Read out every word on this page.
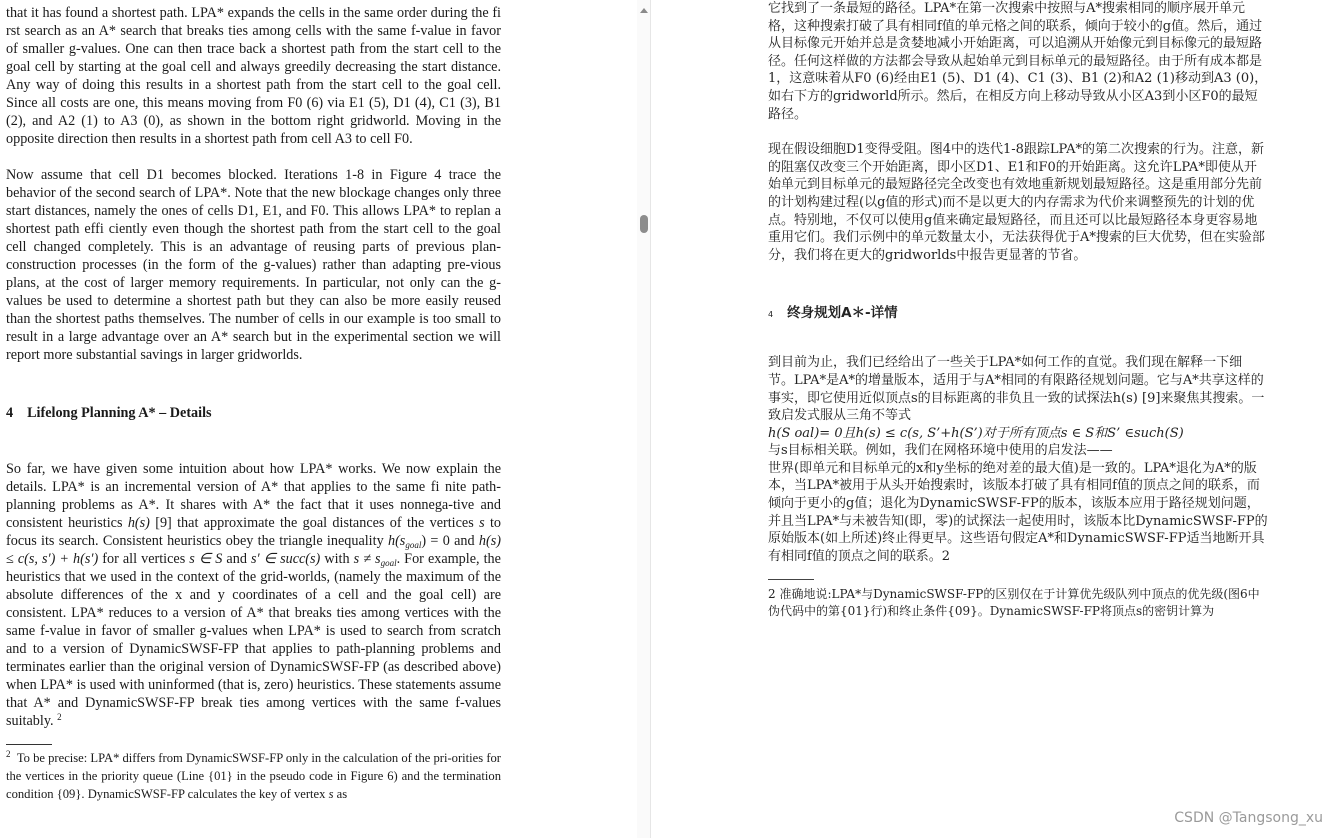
that it has found a shortest path. LPA* expands the cells in the same order during the fi rst search as an A* search that breaks ties among cells with the same f-value in favor of smaller g-values. One can then trace back a shortest path from the start cell to the goal cell by starting at the goal cell and always greedily decreasing the start distance. Any way of doing this results in a shortest path from the start cell to the goal cell. Since all costs are one, this means moving from F0 (6) via E1 (5), D1 (4), C1 (3), B1 (2), and A2 (1) to A3 (0), as shown in the bottom right gridworld. Moving in the opposite direction then results in a shortest path from cell A3 to cell F0.

Now assume that cell D1 becomes blocked. Iterations 1-8 in Figure 4 trace the behavior of the second search of LPA*. Note that the new blockage changes only three start distances, namely the ones of cells D1, E1, and F0. This allows LPA* to replan a shortest path effi ciently even though the shortest path from the start cell to the goal cell changed completely. This is an advantage of reusing parts of previous plan-construction processes (in the form of the g-values) rather than adapting pre-vious plans, at the cost of larger memory requirements. In particular, not only can the g-values be used to determine a shortest path but they can also be more easily reused than the shortest paths themselves. The number of cells in our example is too small to result in a large advantage over an A* search but in the experimental section we will report more substantial savings in larger gridworlds.

4 Lifelong Planning A* – Details

So far, we have given some intuition about how LPA* works. We now explain the details. LPA* is an incremental version of A* that applies to the same fi nite path-planning problems as A*. It shares with A* the fact that it uses nonnega-tive and consistent heuristics h(s) [9] that approximate the goal distances of the vertices s to focus its search. Consistent heuristics obey the triangle inequality $h(s_{goal}) = 0$ and h(s) ≤ c(s, s′) + h(s′) for all vertices s ∈ S and s′ ∈ succ(s) with $s \ne s_{goal}$. For example, the heuristics that we used in the context of the grid-worlds, (namely the maximum of the absolute differences of the x and y coordinates of a cell and the goal cell) are consistent. LPA* reduces to a version of A* that breaks ties among vertices with the same f-value in favor of smaller g-values when LPA* is used to search from scratch and to a version of DynamicSWSF-FP that applies to path-planning problems and terminates earlier than the original version of DynamicSWSF-FP (as described above) when LPA* is used with uninformed (that is, zero) heuristics. These statements assume that A* and DynamicSWSF-FP break ties among vertices with the same f-values suitably. $^2$

$^2$ To be precise: LPA* differs from DynamicSWSF-FP only in the calculation of the pri-orities for the vertices in the priority queue (Line {01} in the pseudo code in Figure 6) and the termination condition {09}. DynamicSWSF-FP calculates the key of vertex s as

它找到了一条最短的路径。LPA*在第一次搜索中按照与A*搜索相同的顺序展开单元格，这种搜索打破了具有相同f值的单元格之间的联系，倾向于较小的g值。然后，通过从目标像元开始并总是贪婪地减小开始距离，可以追溯从开始像元到目标像元的最短路径。任何这样做的方法都会导致从起始单元到目标单元的最短路径。由于所有成本都是1，这意味着从F0 (6)经由E1 (5)、D1 (4)、C1 (3)、B1 (2)和A2 (1)移动到A3 (0)，如右下方的gridworld所示。然后，在相反方向上移动导致从小区A3到小区F0的最短路径。

现在假设细胞D1变得受阻。图4中的迭代1-8跟踪LPA*的第二次搜索的行为。注意，新的阻塞仅改变三个开始距离，即小区D1、E1和F0的开始距离。这允许LPA*即使从开始单元到目标单元的最短路径完全改变也有效地重新规划最短路径。这是重用部分先前的计划构建过程(以g值的形式)而不是以更大的内存需求为代价来调整预先的计划的优点。特别地，不仅可以使用g值来确定最短路径，而且还可以比最短路径本身更容易地重用它们。我们示例中的单元数量太小，无法获得优于A*搜索的巨大优势，但在实验部分，我们将在更大的gridworlds中报告更显著的节省。

4 终身规划A＊-详情

到目前为止，我们已经给出了一些关于LPA*如何工作的直觉。我们现在解释一下细节。LPA*是A*的增量版本，适用于与A*相同的有限路径规划问题。它与A*共享这样的事实，即它使用近似顶点s的目标距离的非负且一致的试探法h(s) [9]来聚焦其搜索。一致启发式服从三角不等式

h(S oal)= 0且h(s) ≤ c(s, S’+h(S’)对于所有顶点s ∈ S和S’ ∈such(S)

与s目标相关联。例如，我们在网格环境中使用的启发法——

世界(即单元和目标单元的x和y坐标的绝对差的最大值)是一致的。LPA*退化为A*的版本，当LPA*被用于从头开始搜索时，该版本打破了具有相同f值的顶点之间的联系，而倾向于更小的g值；退化为DynamicSWSF-FP的版本，该版本应用于路径规划问题，并且当LPA*与未被告知(即，零)的试探法一起使用时，该版本比DynamicSWSF-FP的原始版本(如上所述)终止得更早。这些语句假定A*和DynamicSWSF-FP适当地断开具有相同f值的顶点之间的联系。2

2 准确地说:LPA*与DynamicSWSF-FP的区别仅在于计算优先级队列中顶点的优先级(图6中伪代码中的第{01}行)和终止条件{09}。DynamicSWSF-FP将顶点s的密钥计算为

CSDN @Tangsong_xu
